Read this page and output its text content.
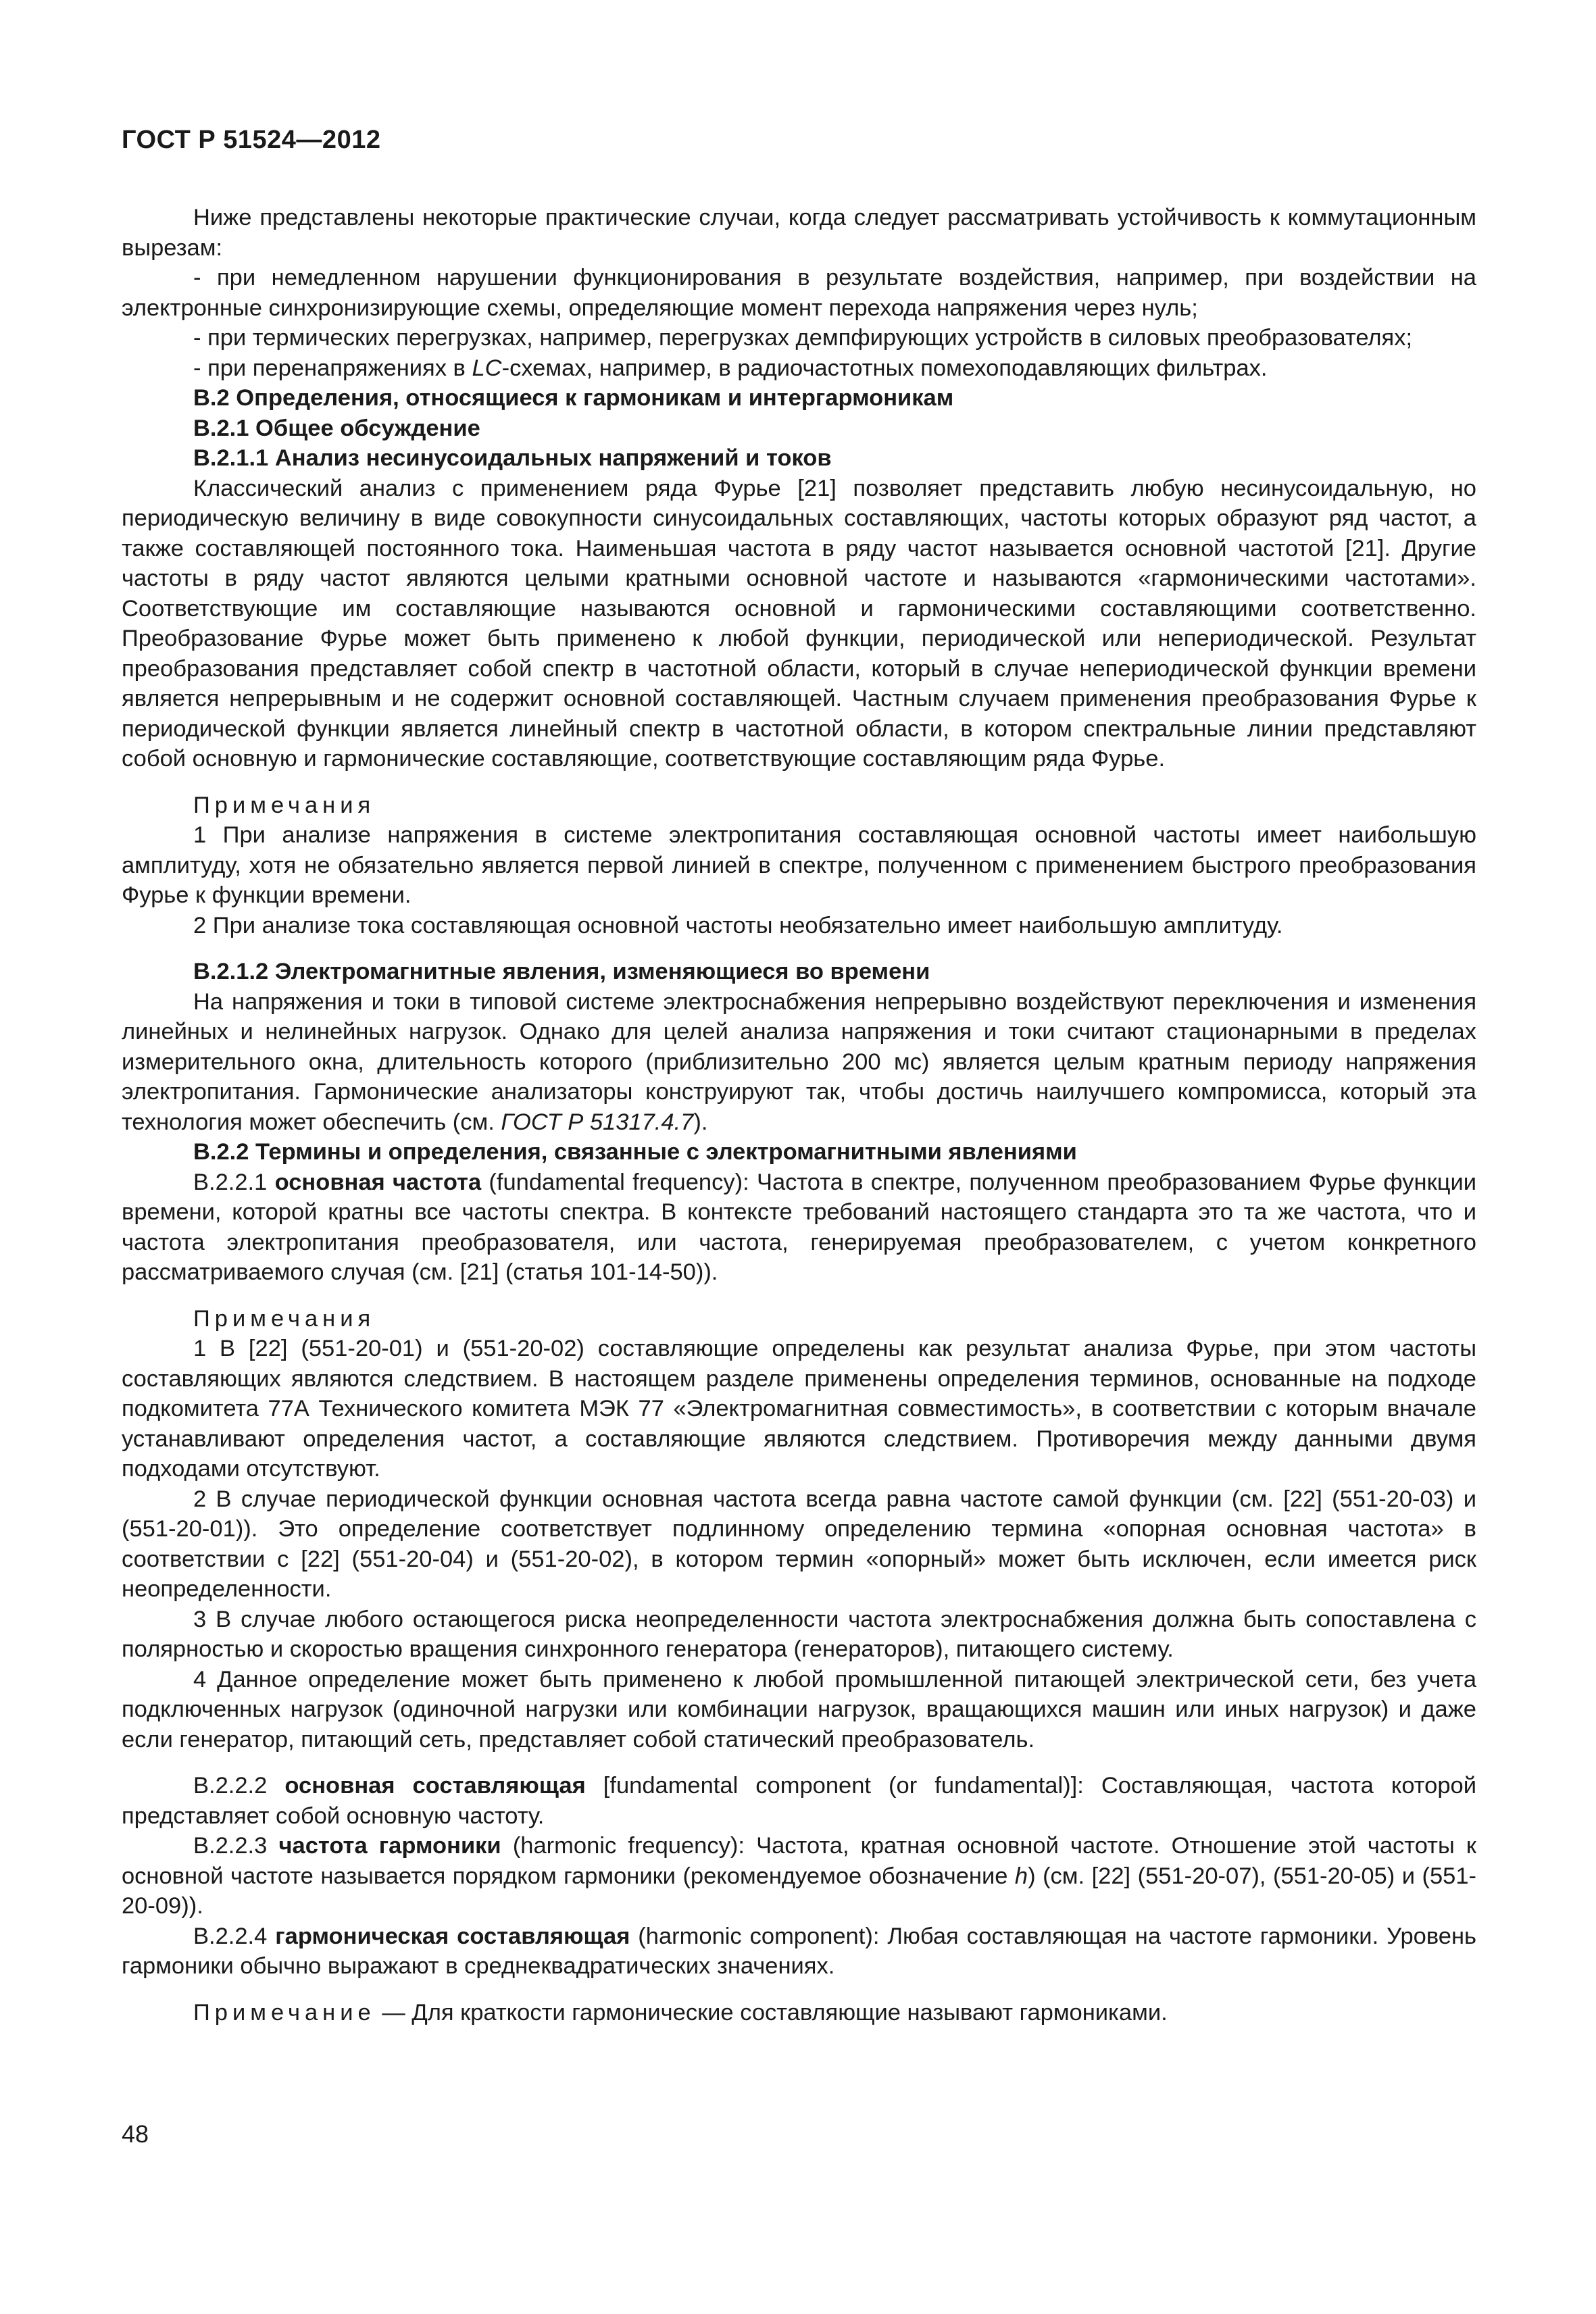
ГОСТ Р 51524—2012

Ниже представлены некоторые практические случаи, когда следует рассматривать устойчивость к коммутационным вырезам:

- при немедленном нарушении функционирования в результате воздействия, например, при воздействии на электронные синхронизирующие схемы, определяющие момент перехода напряжения через нуль;

- при термических перегрузках, например, перегрузках демпфирующих устройств в силовых преобразователях;

- при перенапряжениях в LC-схемах, например, в радиочастотных помехоподавляющих фильтрах.

В.2 Определения, относящиеся к гармоникам и интергармоникам

В.2.1 Общее обсуждение

В.2.1.1 Анализ несинусоидальных напряжений и токов

Классический анализ с применением ряда Фурье [21] позволяет представить любую несинусоидальную, но периодическую величину в виде совокупности синусоидальных составляющих, частоты которых образуют ряд частот, а также составляющей постоянного тока. Наименьшая частота в ряду частот называется основной частотой [21]. Другие частоты в ряду частот являются целыми кратными основной частоте и называются «гармоническими частотами». Соответствующие им составляющие называются основной и гармоническими составляющими соответственно. Преобразование Фурье может быть применено к любой функции, периодической или непериодической. Результат преобразования представляет собой спектр в частотной области, который в случае непериодической функции времени является непрерывным и не содержит основной составляющей. Частным случаем применения преобразования Фурье к периодической функции является линейный спектр в частотной области, в котором спектральные линии представляют собой основную и гармонические составляющие, соответствующие составляющим ряда Фурье.

Примечания

1 При анализе напряжения в системе электропитания составляющая основной частоты имеет наибольшую амплитуду, хотя не обязательно является первой линией в спектре, полученном с применением быстрого преобразования Фурье к функции времени.

2 При анализе тока составляющая основной частоты необязательно имеет наибольшую амплитуду.

В.2.1.2 Электромагнитные явления, изменяющиеся во времени

На напряжения и токи в типовой системе электроснабжения непрерывно воздействуют переключения и изменения линейных и нелинейных нагрузок. Однако для целей анализа напряжения и токи считают стационарными в пределах измерительного окна, длительность которого (приблизительно 200 мс) является целым кратным периоду напряжения электропитания. Гармонические анализаторы конструируют так, чтобы достичь наилучшего компромисса, который эта технология может обеспечить (см. ГОСТ Р 51317.4.7).

В.2.2 Термины и определения, связанные с электромагнитными явлениями

В.2.2.1 основная частота (fundamental frequency): Частота в спектре, полученном преобразованием Фурье функции времени, которой кратны все частоты спектра. В контексте требований настоящего стандарта это та же частота, что и частота электропитания преобразователя, или частота, генерируемая преобразователем, с учетом конкретного рассматриваемого случая (см. [21] (статья 101-14-50)).

Примечания

1 В [22] (551-20-01) и (551-20-02) составляющие определены как результат анализа Фурье, при этом частоты составляющих являются следствием. В настоящем разделе применены определения терминов, основанные на подходе подкомитета 77А Технического комитета МЭК 77 «Электромагнитная совместимость», в соответствии с которым вначале устанавливают определения частот, а составляющие являются следствием. Противоречия между данными двумя подходами отсутствуют.

2 В случае периодической функции основная частота всегда равна частоте самой функции (см. [22] (551-20-03) и (551-20-01)). Это определение соответствует подлинному определению термина «опорная основная частота» в соответствии с [22] (551-20-04) и (551-20-02), в котором термин «опорный» может быть исключен, если имеется риск неопределенности.

3 В случае любого остающегося риска неопределенности частота электроснабжения должна быть сопоставлена с полярностью и скоростью вращения синхронного генератора (генераторов), питающего систему.

4 Данное определение может быть применено к любой промышленной питающей электрической сети, без учета подключенных нагрузок (одиночной нагрузки или комбинации нагрузок, вращающихся машин или иных нагрузок) и даже если генератор, питающий сеть, представляет собой статический преобразователь.

В.2.2.2 основная составляющая [fundamental component (or fundamental)]: Составляющая, частота которой представляет собой основную частоту.

В.2.2.3 частота гармоники (harmonic frequency): Частота, кратная основной частоте. Отношение этой частоты к основной частоте называется порядком гармоники (рекомендуемое обозначение h) (см. [22] (551-20-07), (551-20-05) и (551-20-09)).

В.2.2.4 гармоническая составляющая (harmonic component): Любая составляющая на частоте гармоники. Уровень гармоники обычно выражают в среднеквадратических значениях.

Примечание — Для краткости гармонические составляющие называют гармониками.

48
